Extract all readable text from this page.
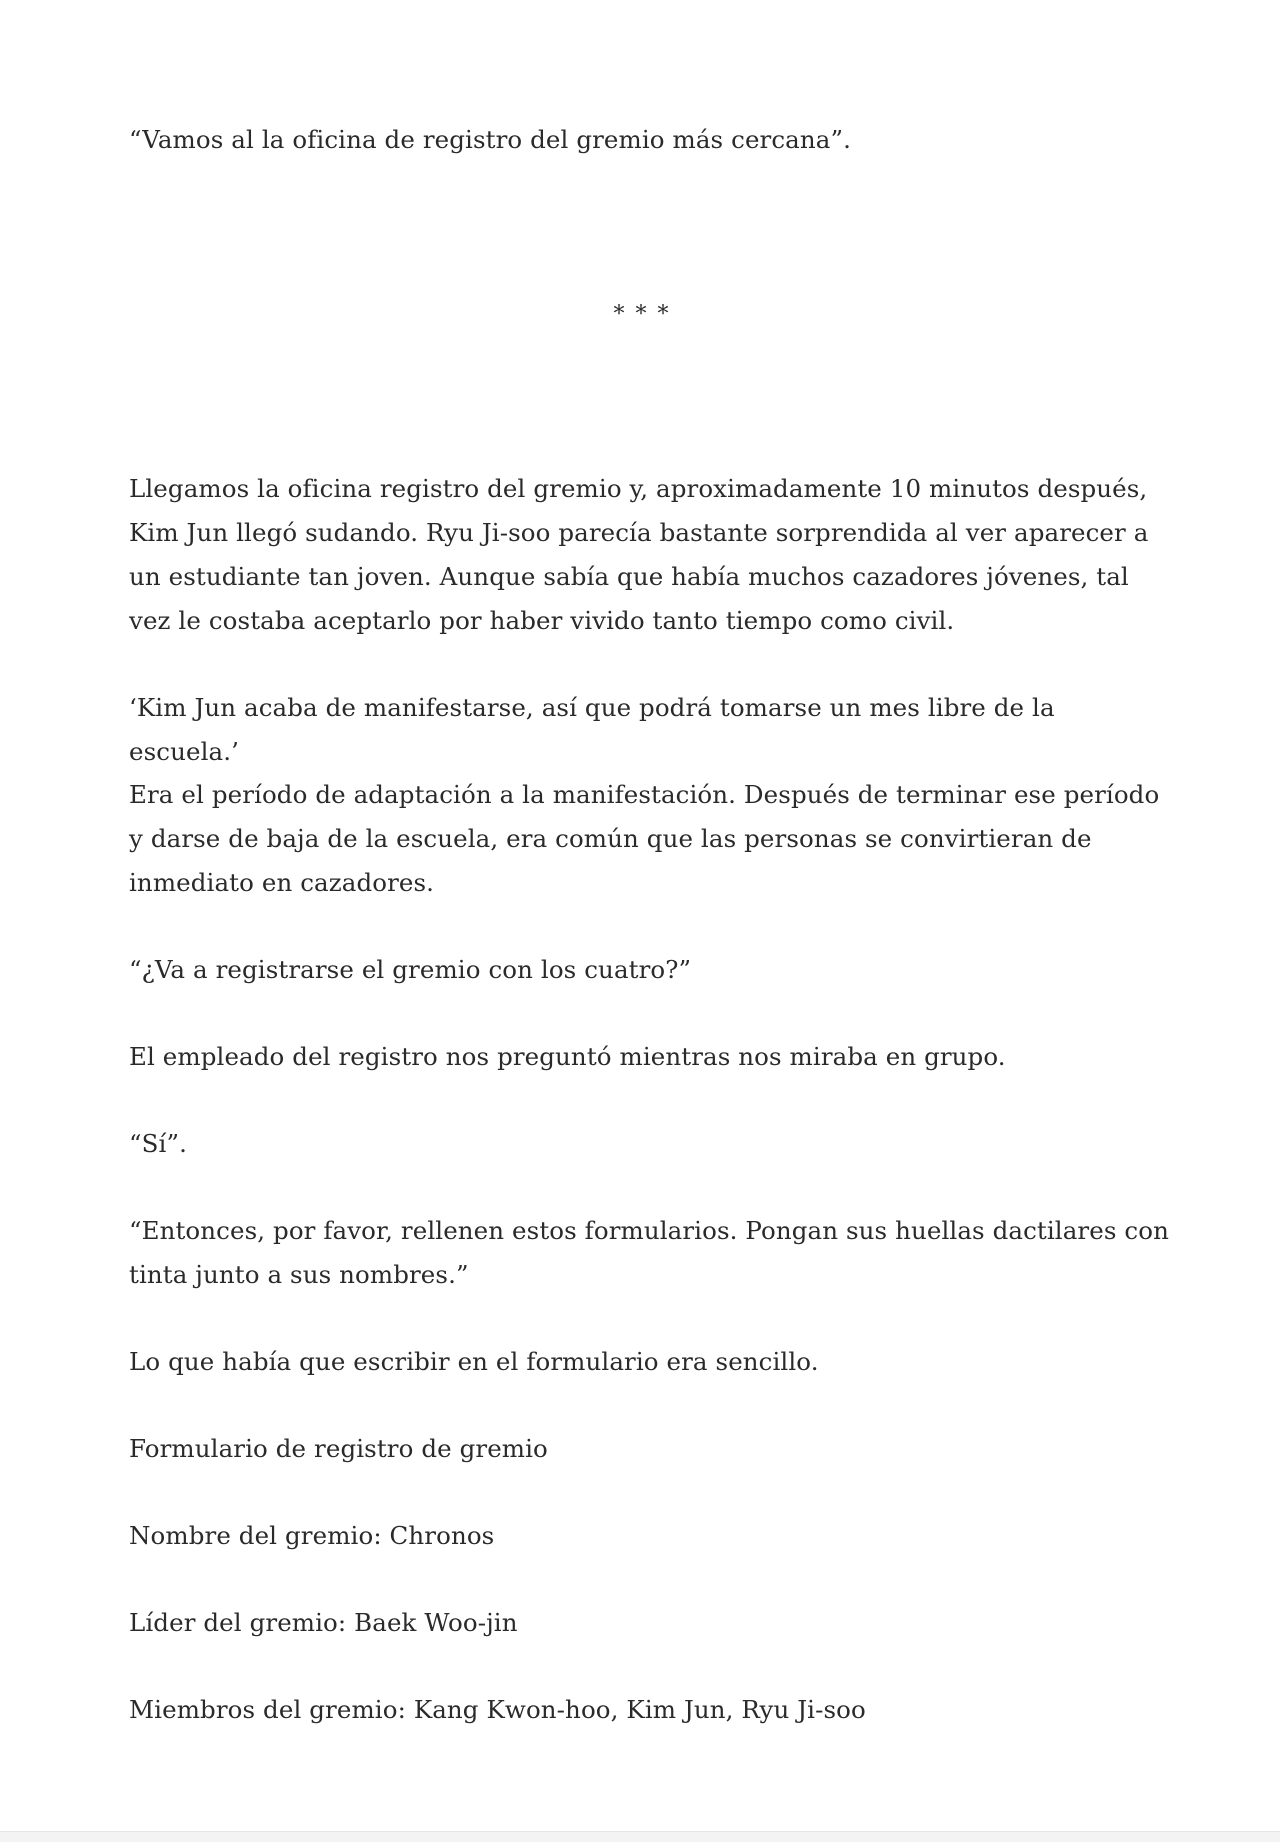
“Vamos al la oficina de registro del gremio más cercana”.

* * *

Llegamos la oficina registro del gremio y, aproximadamente 10 minutos después, Kim Jun llegó sudando. Ryu Ji-soo parecía bastante sorprendida al ver aparecer a un estudiante tan joven. Aunque sabía que había muchos cazadores jóvenes, tal vez le costaba aceptarlo por haber vivido tanto tiempo como civil.

‘Kim Jun acaba de manifestarse, así que podrá tomarse un mes libre de la escuela.’

Era el período de adaptación a la manifestación. Después de terminar ese período y darse de baja de la escuela, era común que las personas se convirtieran de inmediato en cazadores.

“¿Va a registrarse el gremio con los cuatro?”

El empleado del registro nos preguntó mientras nos miraba en grupo.

“Sí”.

“Entonces, por favor, rellenen estos formularios. Pongan sus huellas dactilares con tinta junto a sus nombres.”

Lo que había que escribir en el formulario era sencillo.

Formulario de registro de gremio

Nombre del gremio: Chronos

Líder del gremio: Baek Woo-jin

Miembros del gremio: Kang Kwon-hoo, Kim Jun, Ryu Ji-soo
